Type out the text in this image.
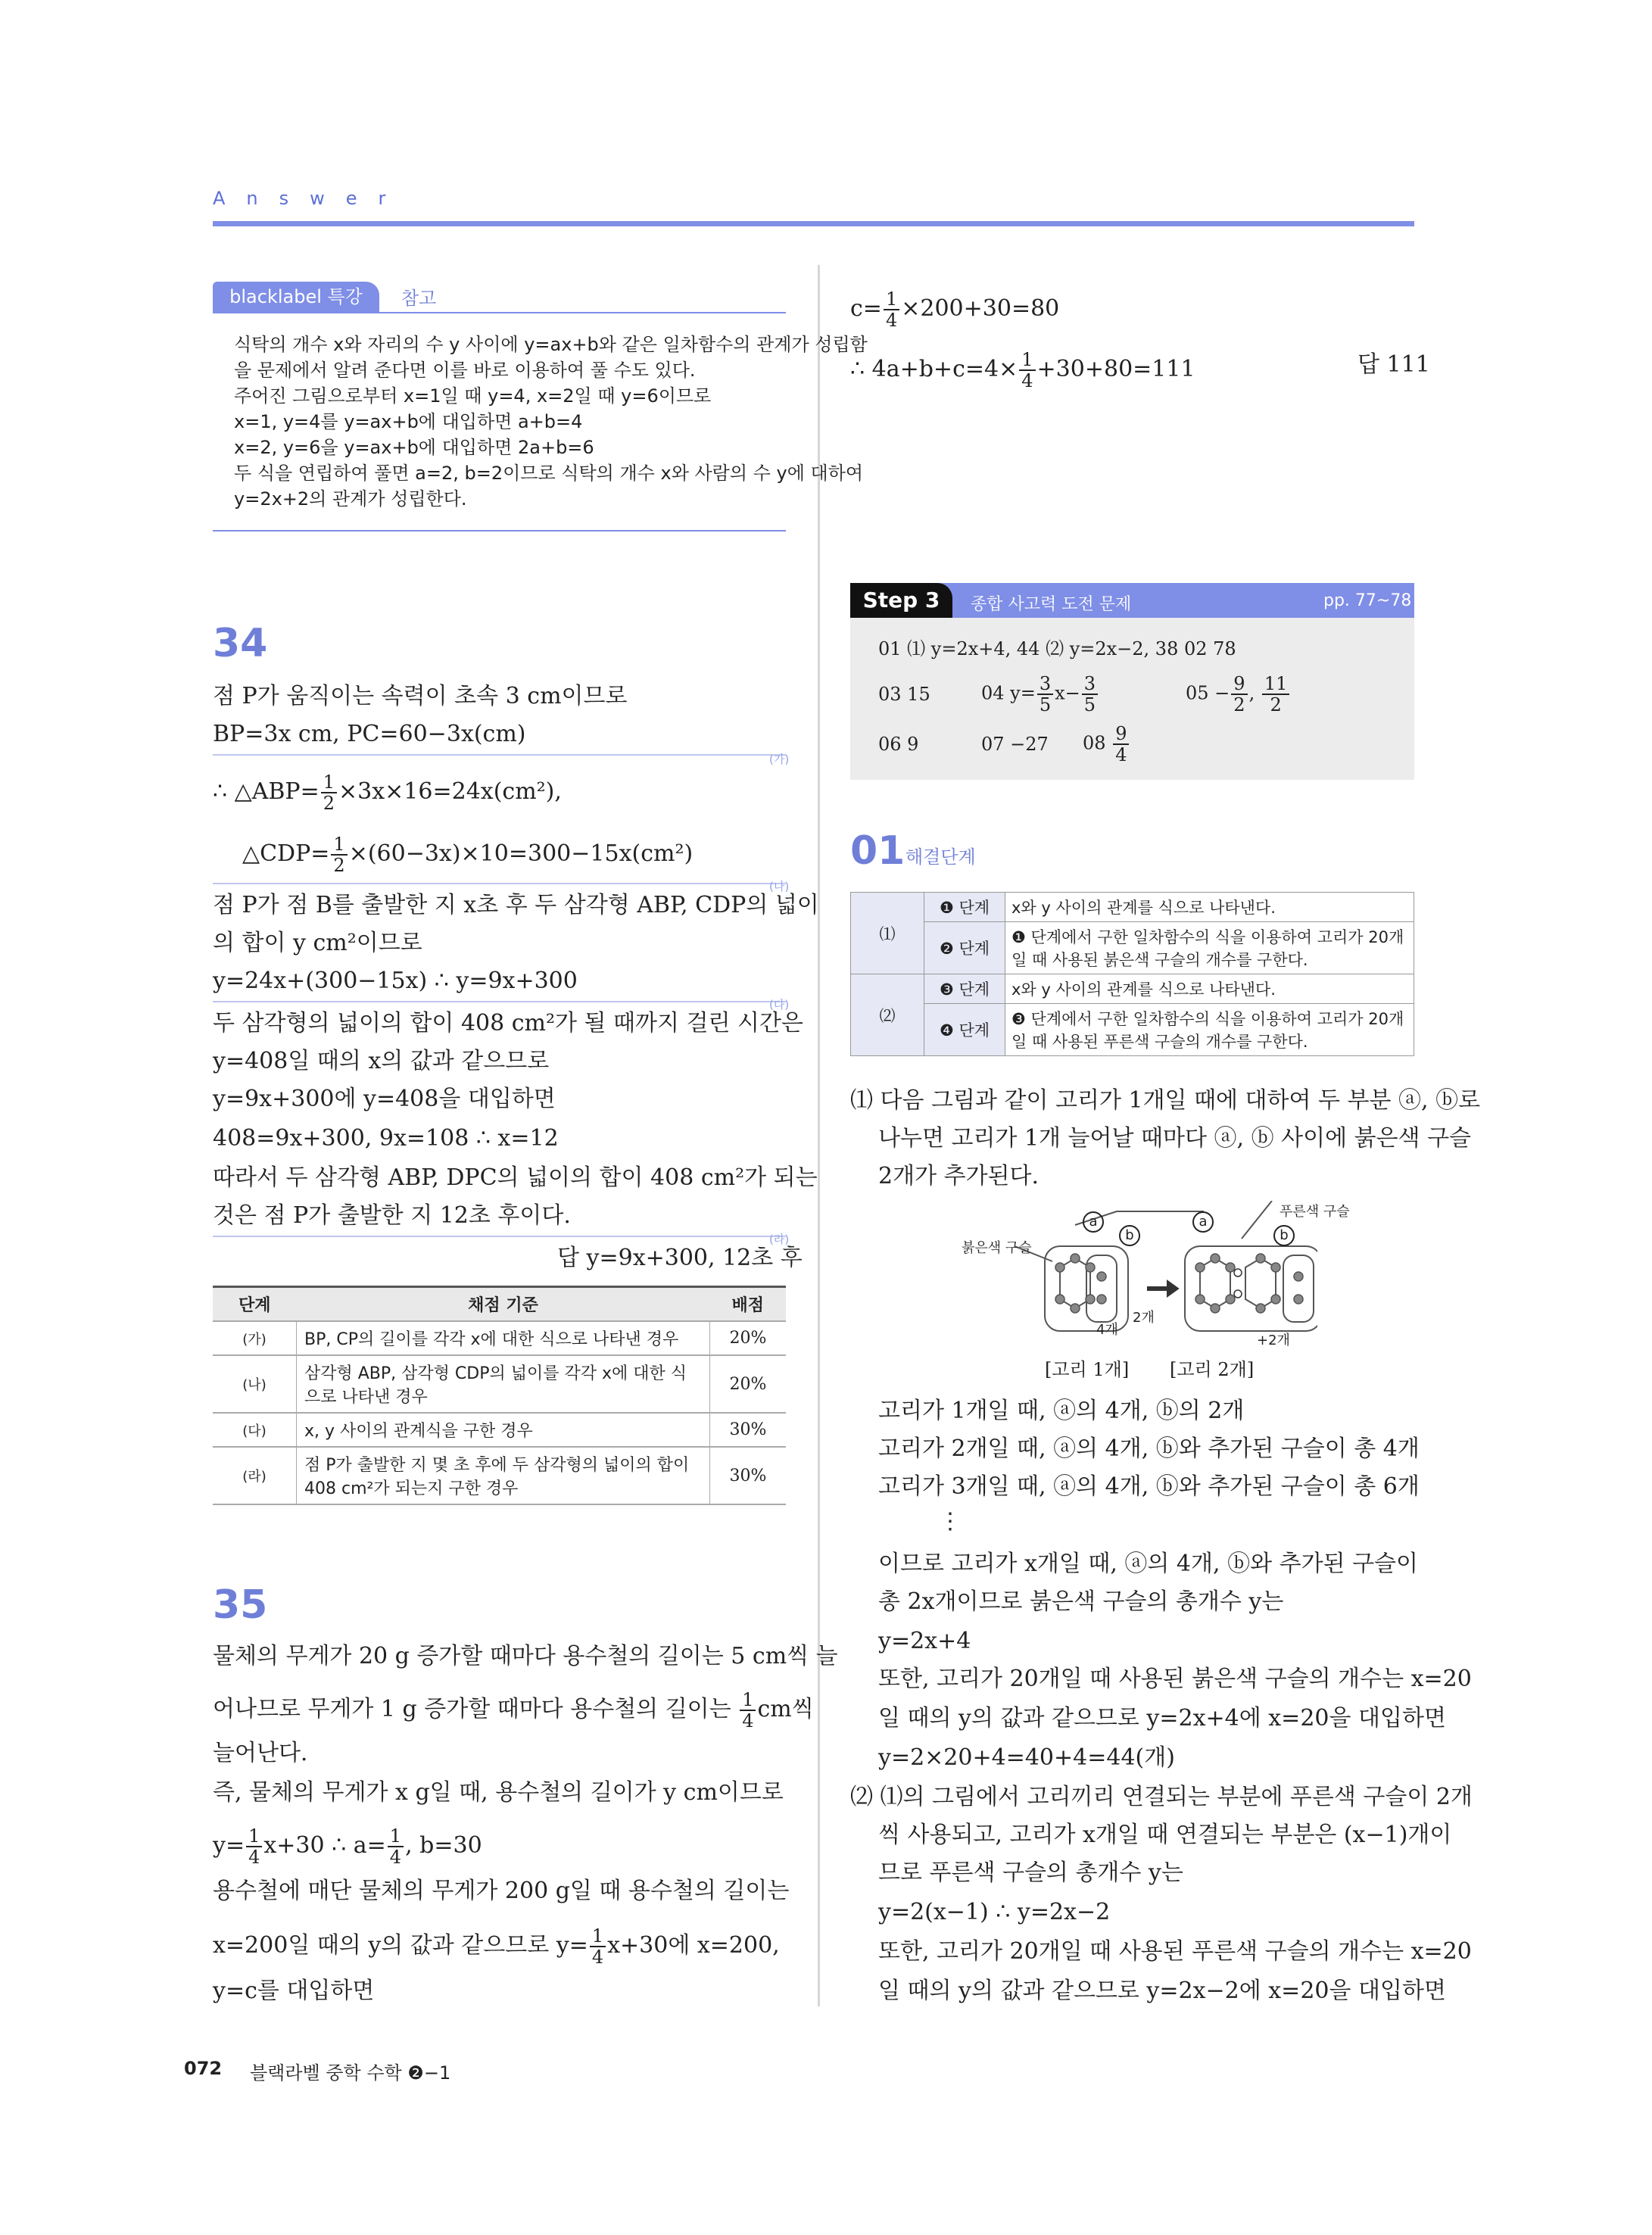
Answer
blacklabel 특강	참고
식탁의 개수 x와 자리의 수 y 사이에 y=ax+b와 같은 일차함수의 관계가 성립함
을 문제에서 알려 준다면 이를 바로 이용하여 풀 수도 있다.
주어진 그림으로부터 x=1일 때 y=4, x=2일 때 y=6이므로
x=1, y=4를 y=ax+b에 대입하면 a+b=4
x=2, y=6을 y=ax+b에 대입하면 2a+b=6
두 식을 연립하여 풀면 a=2, b=2이므로 식탁의 개수 x와 사람의 수 y에 대하여
y=2x+2의 관계가 성립한다.
34
점 P가 움직이는 속력이 초속 3 cm이므로
BP=3x cm, PC=60−3x(cm)
(가)
∴ △ABP= $\frac{1}{2} \times 3x\times 16=24x(cm^2)$,
△CDP= $\frac{1}{2} \times(60-3x)\times 10=300-15x(cm^2)$
(나)
점 P가 점 B를 출발한 지 x초 후 두 삼각형 ABP, CDP의 넓이
의 합이 y cm²이므로
y=24x+(300−15x) ∴ y=9x+300
(다)
두 삼각형의 넓이의 합이 408 cm²가 될 때까지 걸린 시간은
y=408일 때의 x의 값과 같으므로
y=9x+300에 y=408을 대입하면
408=9x+300, 9x=108 ∴ x=12
따라서 두 삼각형 ABP, DPC의 넓이의 합이 408 cm²가 되는
것은 점 P가 출발한 지 12초 후이다.
(라)
답 y=9x+300, 12초 후
단계	채점 기준	배점
(가)	BP, CP의 길이를 각각 x에 대한 식으로 나타낸 경우	20%
(나)	삼각형 ABP, 삼각형 CDP의 넓이를 각각 x에 대한 식으로 나타낸 경우	20%
(다)	x, y 사이의 관계식을 구한 경우	30%
(라)	점 P가 출발한 지 몇 초 후에 두 삼각형의 넓이의 합이 408 cm²가 되는지 구한 경우	30%
35
물체의 무게가 20 g 증가할 때마다 용수철의 길이는 5 cm씩 늘
어나므로 무게가 1 g 증가할 때마다 용수철의 길이는 $\frac{1}{4}$ cm씩
늘어난다.
즉, 물체의 무게가 x g일 때, 용수철의 길이가 y cm이므로
$y= \frac{1}{4} x+30$ ∴ $a= \frac{1}{4}$ , b=30
용수철에 매단 물체의 무게가 200 g일 때 용수철의 길이는
x=200일 때의 y의 값과 같으므로 $y= \frac{1}{4} x+30$에 x=200,
y=c를 대입하면
$c= \frac{1}{4} \times 200+30=80$
∴ $4a+b+c=4\times \frac{1}{4} +30+80=111$	답 111
Step 3	종합 사고력 도전 문제	pp. 77~78
01 ⑴ y=2x+4, 44 ⑵ y=2x−2, 38 02 78
03 15	04 $y= \frac{3}{5} x- \frac{3}{5}$	$05 - \frac{9}{2}$ , $\frac{11}{2}$
06 9	07 −27 $08 \frac{9}{4}$
01 해결단계
⑴	❶ 단계	x와 y 사이의 관계를 식으로 나타낸다.
	❷ 단계	❶ 단계에서 구한 일차함수의 식을 이용하여 고리가 20개 일 때 사용된 붉은색 구슬의 개수를 구한다.
⑵	❸ 단계	x와 y 사이의 관계를 식으로 나타낸다.
	❹ 단계	❸ 단계에서 구한 일차함수의 식을 이용하여 고리가 20개 일 때 사용된 푸른색 구슬의 개수를 구한다.
⑴ 다음 그림과 같이 고리가 1개일 때에 대하여 두 부분 ⓐ, ⓑ로
나누면 고리가 1개 늘어날 때마다 ⓐ, ⓑ 사이에 붉은색 구슬
2개가 추가된다.
a
b
a
b
붉은색 구슬
푸른색 구슬
4개
2개
+2개
[고리 1개] [고리 2개]
고리가 1개일 때, ⓐ의 4개, ⓑ의 2개
고리가 2개일 때, ⓐ의 4개, ⓑ와 추가된 구슬이 총 4개
고리가 3개일 때, ⓐ의 4개, ⓑ와 추가된 구슬이 총 6개
⋮
이므로 고리가 x개일 때, ⓐ의 4개, ⓑ와 추가된 구슬이
총 2x개이므로 붉은색 구슬의 총개수 y는
y=2x+4
또한, 고리가 20개일 때 사용된 붉은색 구슬의 개수는 x=20
일 때의 y의 값과 같으므로 y=2x+4에 x=20을 대입하면
y=2×20+4=40+4=44(개)
⑵ ⑴의 그림에서 고리끼리 연결되는 부분에 푸른색 구슬이 2개
씩 사용되고, 고리가 x개일 때 연결되는 부분은 (x−1)개이
므로 푸른색 구슬의 총개수 y는
y=2(x−1) ∴ y=2x−2
또한, 고리가 20개일 때 사용된 푸른색 구슬의 개수는 x=20
일 때의 y의 값과 같으므로 y=2x−2에 x=20을 대입하면
072 블랙라벨 중학 수학 ❷−1
